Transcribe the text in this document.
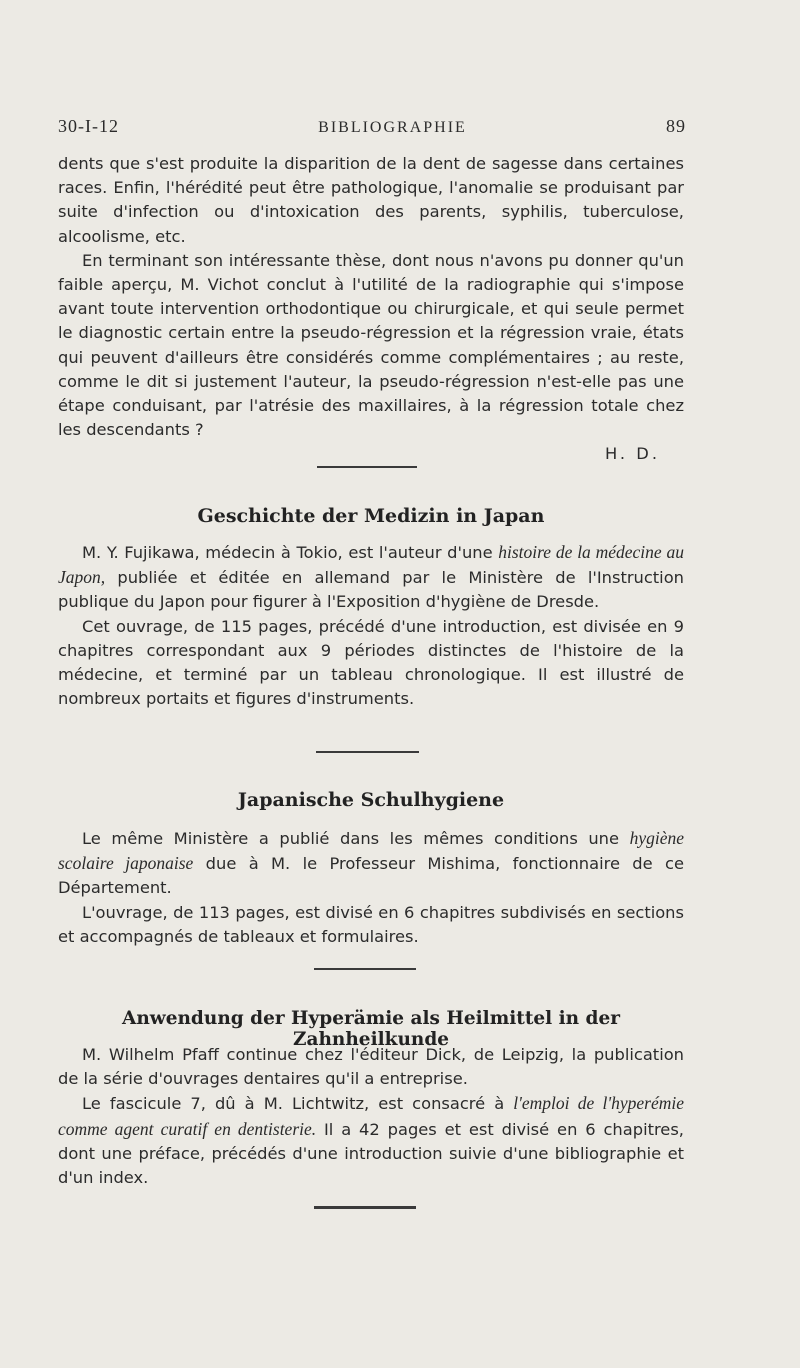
30-I-12	BIBLIOGRAPHIE	89

dents que s'est produite la disparition de la dent de sagesse dans certaines races. Enfin, l'hérédité peut être pathologique, l'anomalie se produisant par suite d'infection ou d'intoxication des parents, syphilis, tuberculose, alcoolisme, etc.

En terminant son intéressante thèse, dont nous n'avons pu donner qu'un faible aperçu, M. Vichot conclut à l'utilité de la radiographie qui s'impose avant toute intervention orthodontique ou chirurgicale, et qui seule permet le diagnostic certain entre la pseudo-régression et la régression vraie, états qui peuvent d'ailleurs être considérés comme complémentaires ; au reste, comme le dit si justement l'auteur, la pseudo-régression n'est-elle pas une étape conduisant, par l'atrésie des maxillaires, à la régression totale chez les descendants ?

H. D.

Geschichte der Medizin in Japan

M. Y. Fujikawa, médecin à Tokio, est l'auteur d'une histoire de la médecine au Japon, publiée et éditée en allemand par le Ministère de l'Instruction publique du Japon pour figurer à l'Exposition d'hygiène de Dresde.

Cet ouvrage, de 115 pages, précédé d'une introduction, est divisée en 9 chapitres correspondant aux 9 périodes distinctes de l'histoire de la médecine, et terminé par un tableau chronologique. Il est illustré de nombreux portaits et figures d'instruments.

Japanische Schulhygiene

Le même Ministère a publié dans les mêmes conditions une hygiène scolaire japonaise due à M. le Professeur Mishima, fonctionnaire de ce Département.

L'ouvrage, de 113 pages, est divisé en 6 chapitres subdivisés en sections et accompagnés de tableaux et formulaires.

Anwendung der Hyperämie als Heilmittel in der Zahnheilkunde

M. Wilhelm Pfaff continue chez l'éditeur Dick, de Leipzig, la publication de la série d'ouvrages dentaires qu'il a entreprise.

Le fascicule 7, dû à M. Lichtwitz, est consacré à l'emploi de l'hyperémie comme agent curatif en dentisterie. Il a 42 pages et est divisé en 6 chapitres, dont une préface, précédés d'une introduction suivie d'une bibliographie et d'un index.
